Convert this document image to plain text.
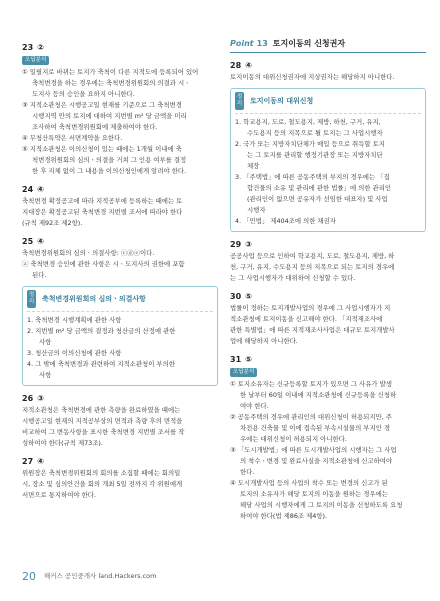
23 ②
오답분석

① 일필지로 바뀌는 토지가 축척이 다른 지적도에 등록되어 있어

축척변경을 하는 경우에는 축척변경위원회의 의결과 시ㆍ

도지사 등의 승인을 요하지 아니한다.

③ 지적소관청은 시행공고일 현재를 기준으로 그 축척변경

시행지역 안의 토지에 대하여 지번별 m² 당 금액을 미리

조사하여 축척변경위원회에 제출하여야 한다.

④ 무청산특약은 서면계약을 요한다.

⑤ 지적소관청은 이의신청이 있는 때에는 1개월 이내에 축

척변경위원회의 심의ㆍ의결을 거쳐 그 인용 여부를 결정

한 후 지체 없이 그 내용을 이의신청인에게 알려야 한다.

24 ④

축척변경 확정공고에 따라 지적공부에 등록하는 때에는 토

지대장은 확정공고된 축척변경 지번별 조서에 따라야 한다

(규칙 제92조 제2항).

25 ④

축척변경위원회의 심의ㆍ의결사항: ⓒⓓⓔ이다.

ⓐ 축척변경 승인에 관한 사항은 시ㆍ도지사의 권한에 포함

된다.

정리 축척변경위원회의 심의ㆍ의결사항

1. 축척변경 시행계획에 관한 사항

2. 지번별 m² 당 금액의 결정과 청산금의 산정에 관한

사항

3. 청산금의 이의신청에 관한 사항

4. 그 밖에 축척변경과 관련하여 지적소관청이 부의한

사항

26 ③

지적소관청은 축척변경에 관한 측량을 완료하였을 때에는

시행공고일 현재의 지적공부상의 면적과 측량 후의 면적을

비교하여 그 변동사항을 표시한 축척변경 지번별 조서를 작

성하여야 한다(규칙 제73조).

27 ④

위원장은 축척변경위원회의 회의를 소집할 때에는 회의일

시, 장소 및 심의안건을 회의 개최 5일 전까지 각 위원에게

서면으로 통지하여야 한다.

Point 13 토지이동의 신청권자
28 ④

토지이동의 대위신청권자에 지상권자는 해당하지 아니한다.

정리 토지이동의 대위신청

1. 학교용지, 도로, 철도용지, 제방, 하천, 구거, 유지,

수도용지 등의 지목으로 될 토지는 그 사업시행자

2. 국가 또는 지방자치단체가 매입 등으로 취득할 토지

는 그 토지를 관리할 행정기관장 또는 지방자치단

체장

3. 「주택법」에 따른 공동주택의 부지의 경우에는 「집

합건물의 소유 및 관리에 관한 법률」에 의한 관리인

(관리인이 없으면 공유자가 선임한 대표자) 및 사업

시행자

4. 「민법」 제404조에 의한 채권자

29 ③

공공사업 등으로 인하여 학교용지, 도로, 철도용지, 제방, 하

천, 구거, 유지, 수도용지 등의 지목으로 되는 토지의 경우에

는 그 사업시행자가 대위하여 신청할 수 있다.

30 ⑤

법률이 정하는 토지개발사업의 경우에 그 사업시행자가 지

적소관청에 토지이동을 신고해야 한다. 「지적재조사에

관한 특별법」에 따른 지적재조사사업은 대규모 토지개발사

업에 해당하지 아니한다.

31 ⑤
오답분석

① 토지소유자는 신규등록할 토지가 있으면 그 사유가 발생

한 날부터 60일 이내에 지적소관청에 신규등록을 신청하

여야 한다.

② 공동주택의 경우에 관리인의 대위신청이 허용되지만, 주

차전용 건축물 및 이에 접속된 부속시설물의 부지인 경

우에는 대위신청이 허용되지 아니한다.

③ 「도시개발법」에 따른 도시개발사업의 시행자는 그 사업

의 착수ㆍ변경 및 완료사실을 지적소관청에 신고하여야

한다.

④ 도시개발사업 등의 사업의 착수 또는 변경의 신고가 된

토지의 소유자가 해당 토지의 이동을 원하는 경우에는

해당 사업의 시행자에게 그 토지의 이동을 신청하도록 요청

하여야 한다(법 제86조 제4항).

20 해커스 공인중개사 land.Hackers.com
